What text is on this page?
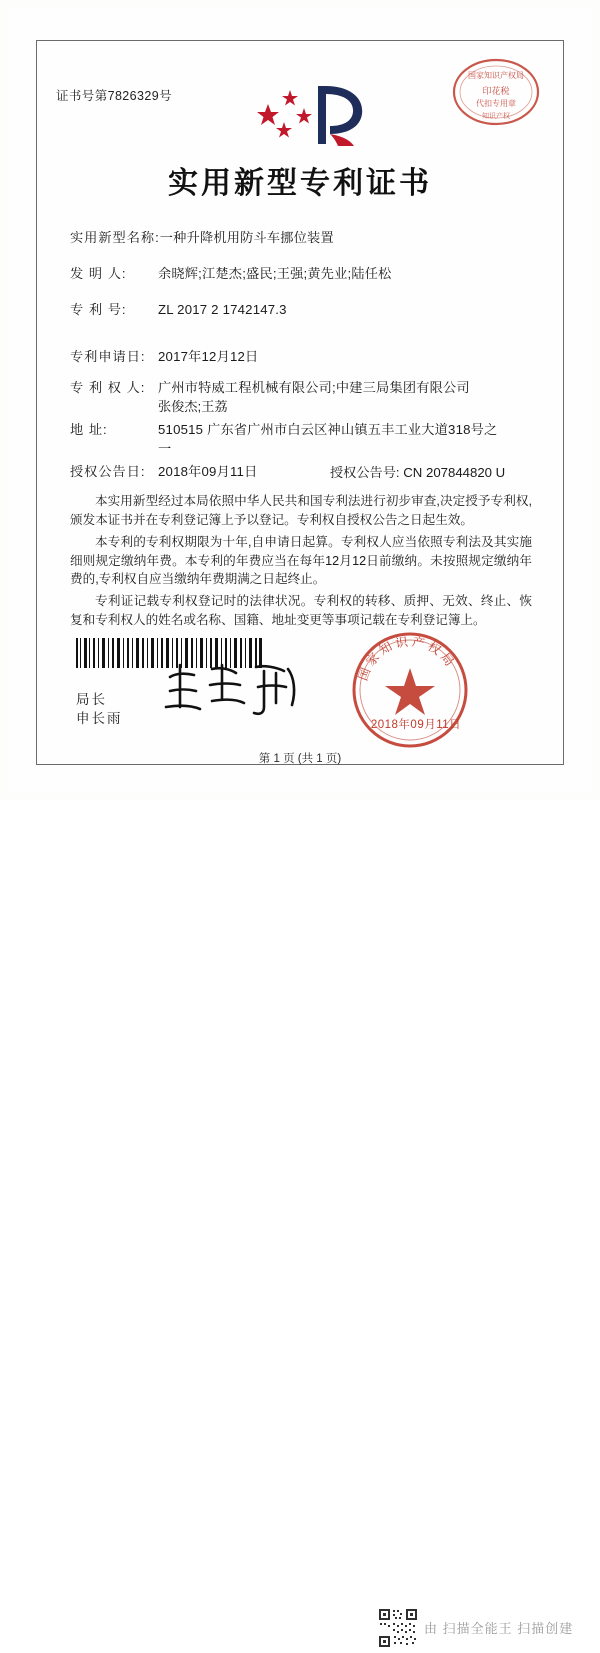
证书号第7826329号
国家知识产权局
印花税
代扣专用章
知识产权
实用新型专利证书
实用新型名称:一种升降机用防斗车挪位装置
发 明 人: 余晓辉;江楚杰;盛民;王强;黄先业;陆任松
专 利 号: ZL 2017 2 1742147.3
专利申请日: 2017年12月12日
专 利 权 人: 广州市特威工程机械有限公司;中建三局集团有限公司
张俊杰;王荔
地 址:	510515 广东省广州市白云区神山镇五丰工业大道318号之
一
授权公告日: 2018年09月11日	授权公告号: CN 207844820 U
本实用新型经过本局依照中华人民共和国专利法进行初步审查,决定授予专利权,颁发本证书并在专利登记簿上予以登记。专利权自授权公告之日起生效。
本专利的专利权期限为十年,自申请日起算。专利权人应当依照专利法及其实施细则规定缴纳年费。本专利的年费应当在每年12月12日前缴纳。未按照规定缴纳年费的,专利权自应当缴纳年费期满之日起终止。
专利证记载专利权登记时的法律状况。专利权的转移、质押、无效、终止、恢复和专利权人的姓名或名称、国籍、地址变更等事项记载在专利登记簿上。
局长
申长雨
国家知识产权局
2018年09月11日
第 1 页 (共 1 页)
由 扫描全能王 扫描创建
